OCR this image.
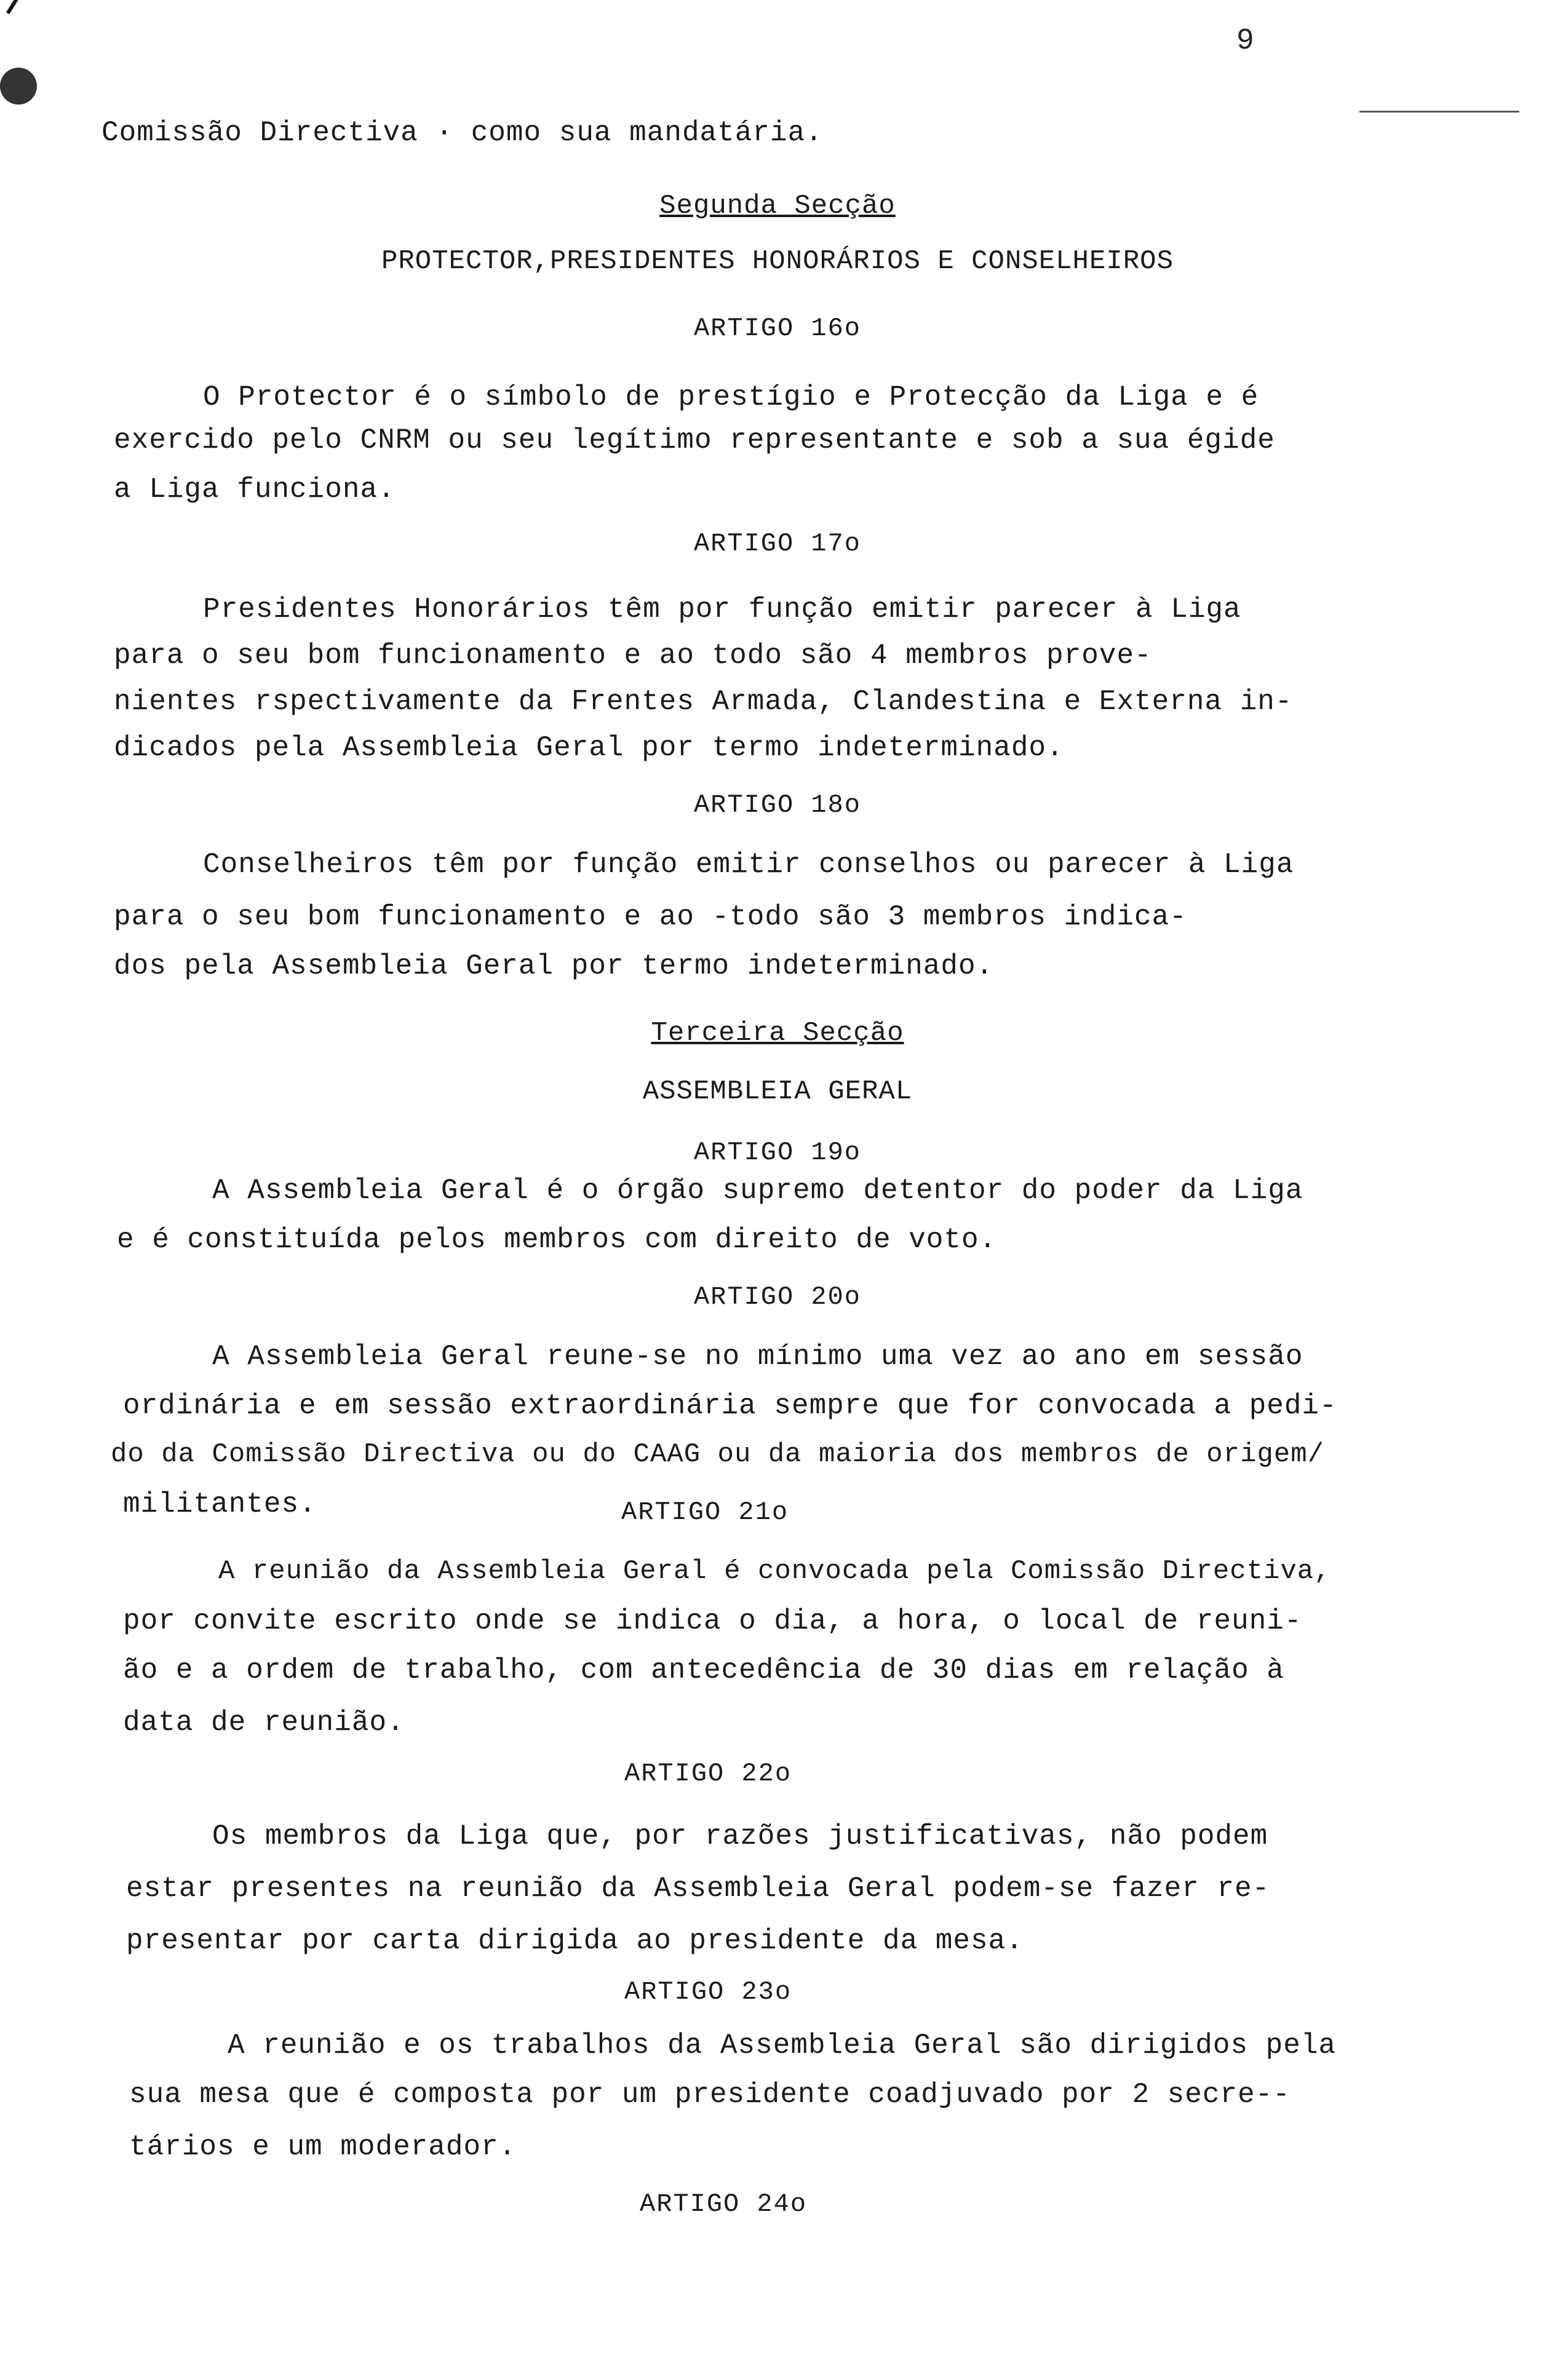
9
Comissão Directiva · como sua mandatária.
Segunda Secção
PROTECTOR,PRESIDENTES HONORÁRIOS E CONSELHEIROS
ARTIGO 16o
O Protector é o símbolo de prestígio e Protecção da Liga e é
exercido pelo CNRM ou seu legítimo representante e sob a sua égide
a Liga funciona.
ARTIGO 17o
Presidentes Honorários têm por função emitir parecer à Liga
para o seu bom funcionamento e ao todo são 4 membros prove-
nientes rspectivamente da Frentes Armada, Clandestina e Externa in-
dicados pela Assembleia Geral por termo indeterminado.
ARTIGO 18o
Conselheiros têm por função emitir conselhos ou parecer à Liga
para o seu bom funcionamento e ao -todo são 3 membros indica-
dos pela Assembleia Geral por termo indeterminado.
Terceira Secção
ASSEMBLEIA GERAL
ARTIGO 19o
A Assembleia Geral é o órgão supremo detentor do poder da Liga
e é constituída pelos membros com direito de voto.
ARTIGO 20o
A Assembleia Geral reune-se no mínimo uma vez ao ano em sessão
ordinária e em sessão extraordinária sempre que for convocada a pedi-
do da Comissão Directiva ou do CAAG ou da maioria dos membros de origem/
militantes.	ARTIGO 21o
A reunião da Assembleia Geral é convocada pela Comissão Directiva,
por convite escrito onde se indica o dia, a hora, o local de reuni-
ão e a ordem de trabalho, com antecedência de 30 dias em relação à
data de reunião.
ARTIGO 22o
Os membros da Liga que, por razões justificativas, não podem
estar presentes na reunião da Assembleia Geral podem-se fazer re-
presentar por carta dirigida ao presidente da mesa.
ARTIGO 23o
A reunião e os trabalhos da Assembleia Geral são dirigidos pela
sua mesa que é composta por um presidente coadjuvado por 2 secre--
tários e um moderador.
ARTIGO 24o
